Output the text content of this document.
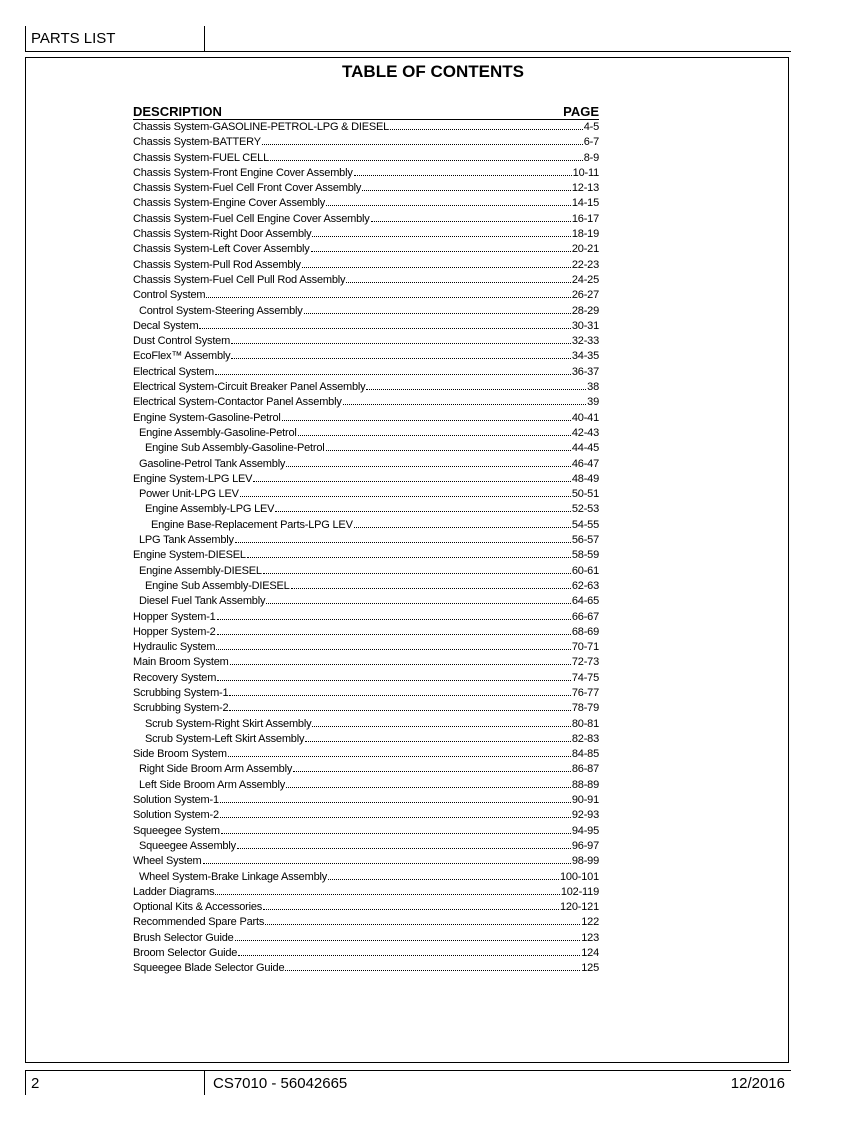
PARTS LIST
TABLE OF CONTENTS
DESCRIPTION	PAGE
Chassis System-GASOLINE-PETROL-LPG & DIESEL	4-5
Chassis System-BATTERY	6-7
Chassis System-FUEL CELL	8-9
Chassis System-Front Engine Cover Assembly	10-11
Chassis System-Fuel Cell Front Cover Assembly	12-13
Chassis System-Engine Cover Assembly	14-15
Chassis System-Fuel Cell Engine Cover Assembly	16-17
Chassis System-Right Door Assembly	18-19
Chassis System-Left Cover Assembly	20-21
Chassis System-Pull Rod Assembly	22-23
Chassis System-Fuel Cell Pull Rod Assembly	24-25
Control System	26-27
Control System-Steering Assembly	28-29
Decal System	30-31
Dust Control System	32-33
EcoFlex™ Assembly	34-35
Electrical System	36-37
Electrical System-Circuit Breaker Panel Assembly	38
Electrical System-Contactor Panel Assembly	39
Engine System-Gasoline-Petrol	40-41
Engine Assembly-Gasoline-Petrol	42-43
Engine Sub Assembly-Gasoline-Petrol	44-45
Gasoline-Petrol Tank Assembly	46-47
Engine System-LPG LEV	48-49
Power Unit-LPG LEV	50-51
Engine Assembly-LPG LEV	52-53
Engine Base-Replacement Parts-LPG LEV	54-55
LPG Tank Assembly	56-57
Engine System-DIESEL	58-59
Engine Assembly-DIESEL	60-61
Engine Sub Assembly-DIESEL	62-63
Diesel Fuel Tank Assembly	64-65
Hopper System-1	66-67
Hopper System-2	68-69
Hydraulic System	70-71
Main Broom System	72-73
Recovery System	74-75
Scrubbing System-1	76-77
Scrubbing System-2	78-79
Scrub System-Right Skirt Assembly	80-81
Scrub System-Left Skirt Assembly	82-83
Side Broom System	84-85
Right Side Broom Arm Assembly	86-87
Left Side Broom Arm Assembly	88-89
Solution System-1	90-91
Solution System-2	92-93
Squeegee System	94-95
Squeegee Assembly	96-97
Wheel System	98-99
Wheel System-Brake Linkage Assembly	100-101
Ladder Diagrams	102-119
Optional Kits & Accessories	120-121
Recommended Spare Parts	122
Brush Selector Guide	123
Broom Selector Guide	124
Squeegee Blade Selector Guide	125
2	CS7010 - 56042665	12/2016
